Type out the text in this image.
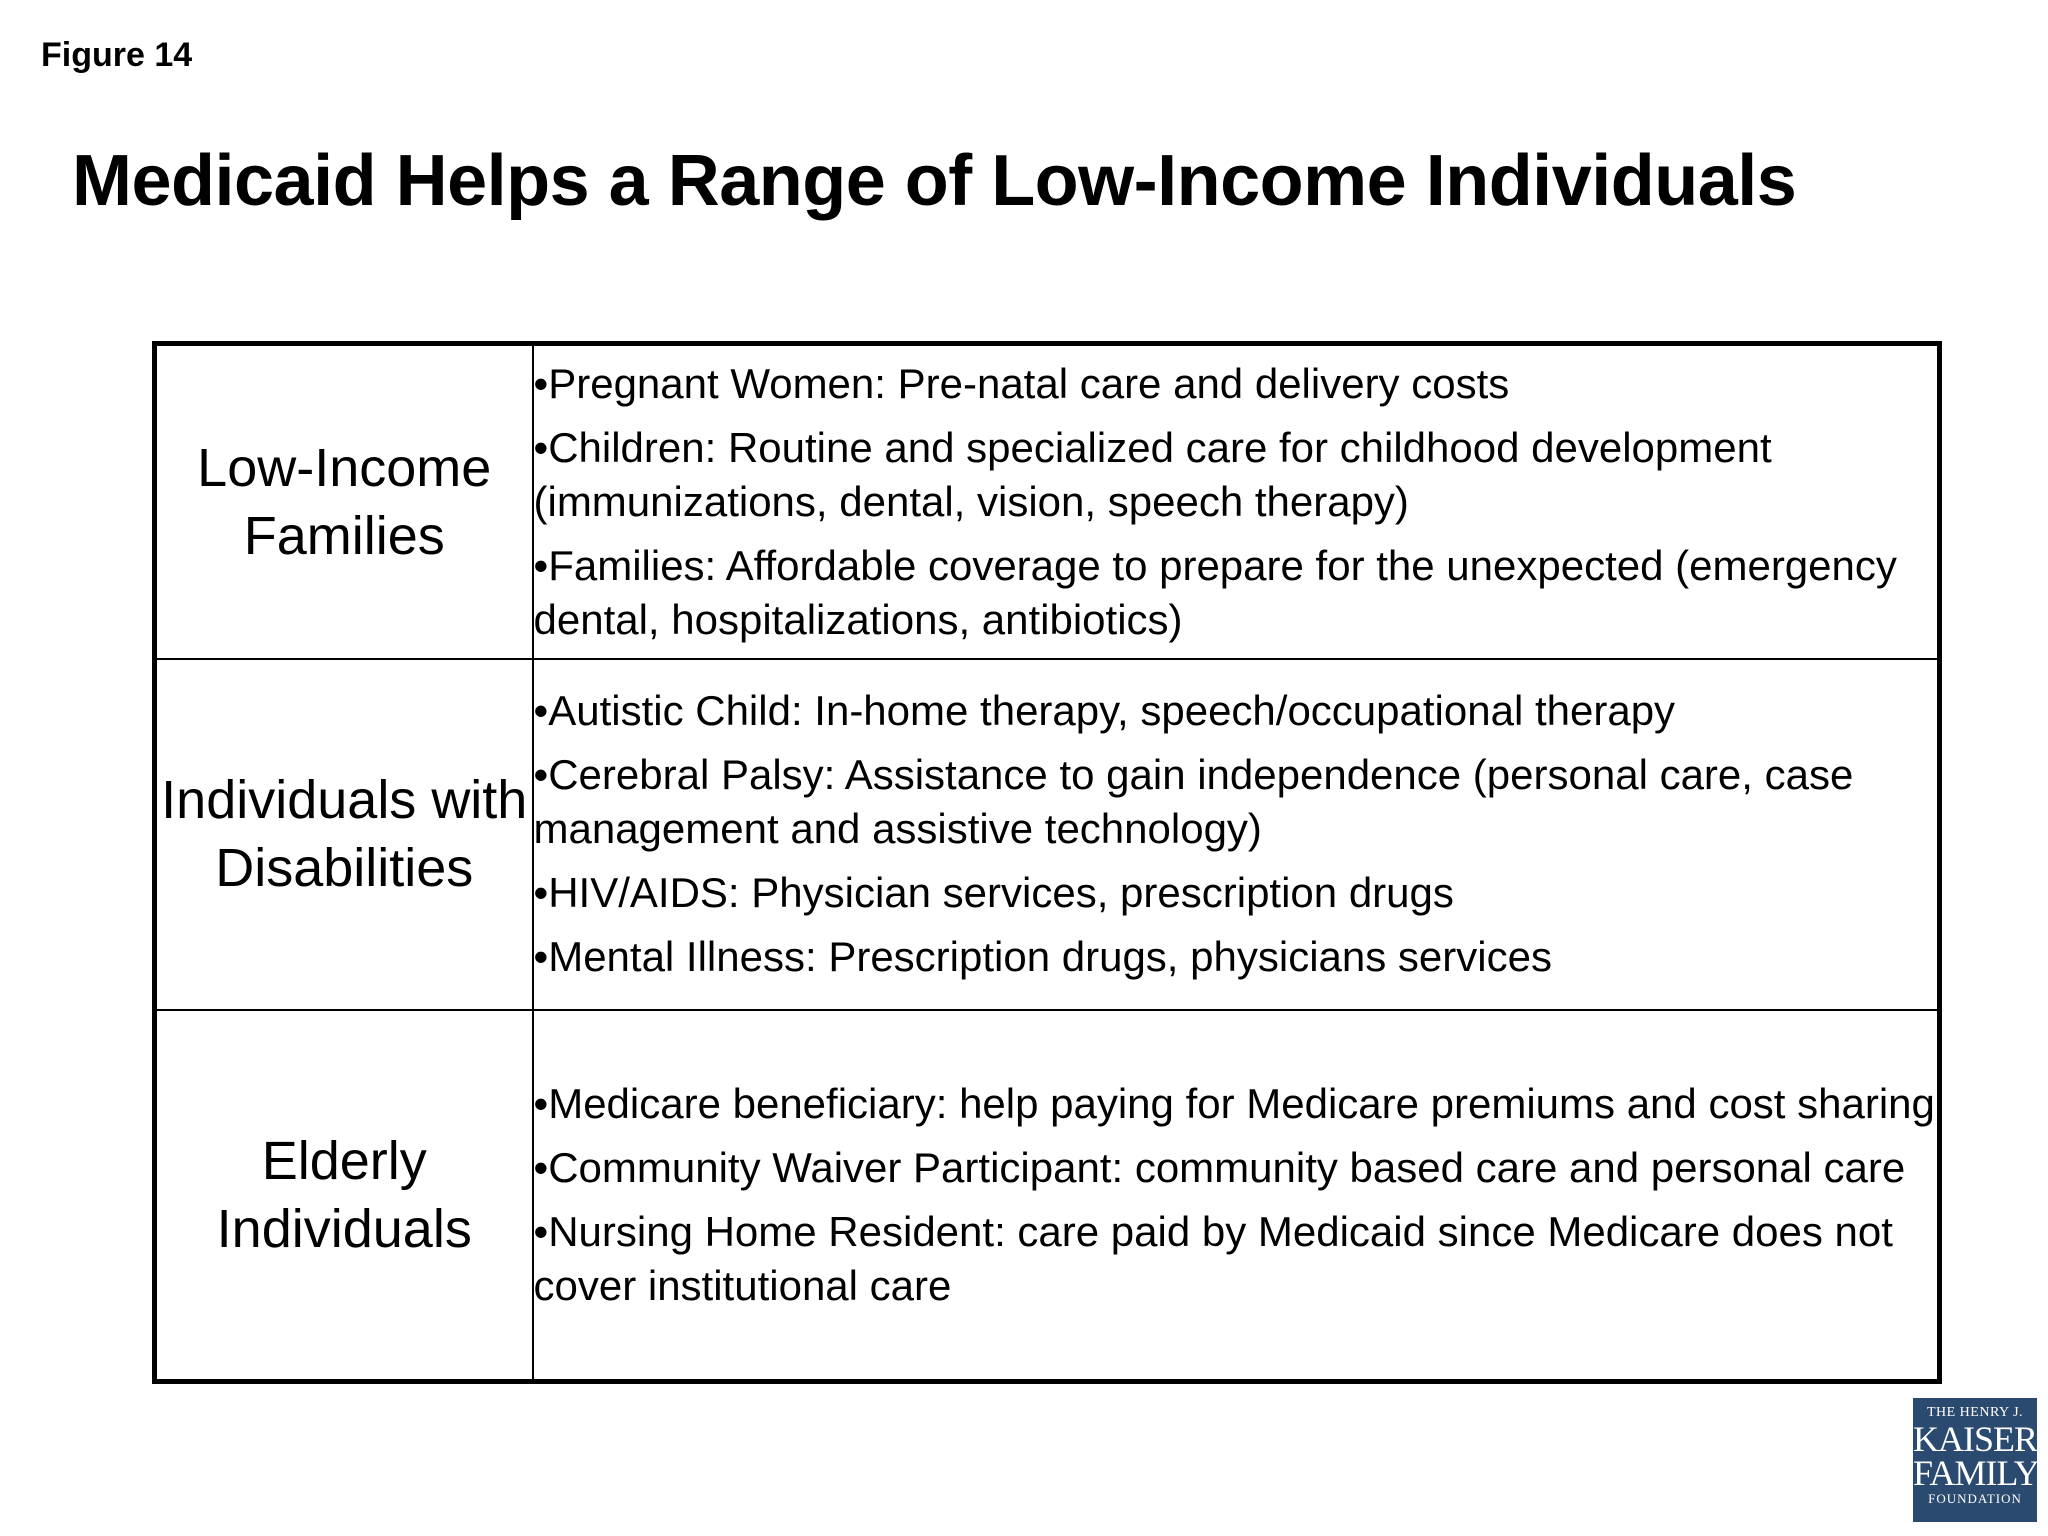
Figure 14
Medicaid Helps a Range of Low-Income Individuals
Low-Income Families	•Pregnant Women: Pre-natal care and delivery costs
•Children: Routine and specialized care for childhood development (immunizations, dental, vision, speech therapy)
•Families: Affordable coverage to prepare for the unexpected (emergency dental, hospitalizations, antibiotics)

Individuals with Disabilities	•Autistic Child: In-home therapy, speech/occupational therapy
•Cerebral Palsy: Assistance to gain independence (personal care, case management and assistive technology)
•HIV/AIDS: Physician services, prescription drugs
•Mental Illness: Prescription drugs, physicians services

Elderly Individuals	•Medicare beneficiary: help paying for Medicare premiums and cost sharing
•Community Waiver Participant: community based care and personal care
•Nursing Home Resident: care paid by Medicaid since Medicare does not cover institutional care
THE HENRY J.
KAISER
FAMILY
FOUNDATION
